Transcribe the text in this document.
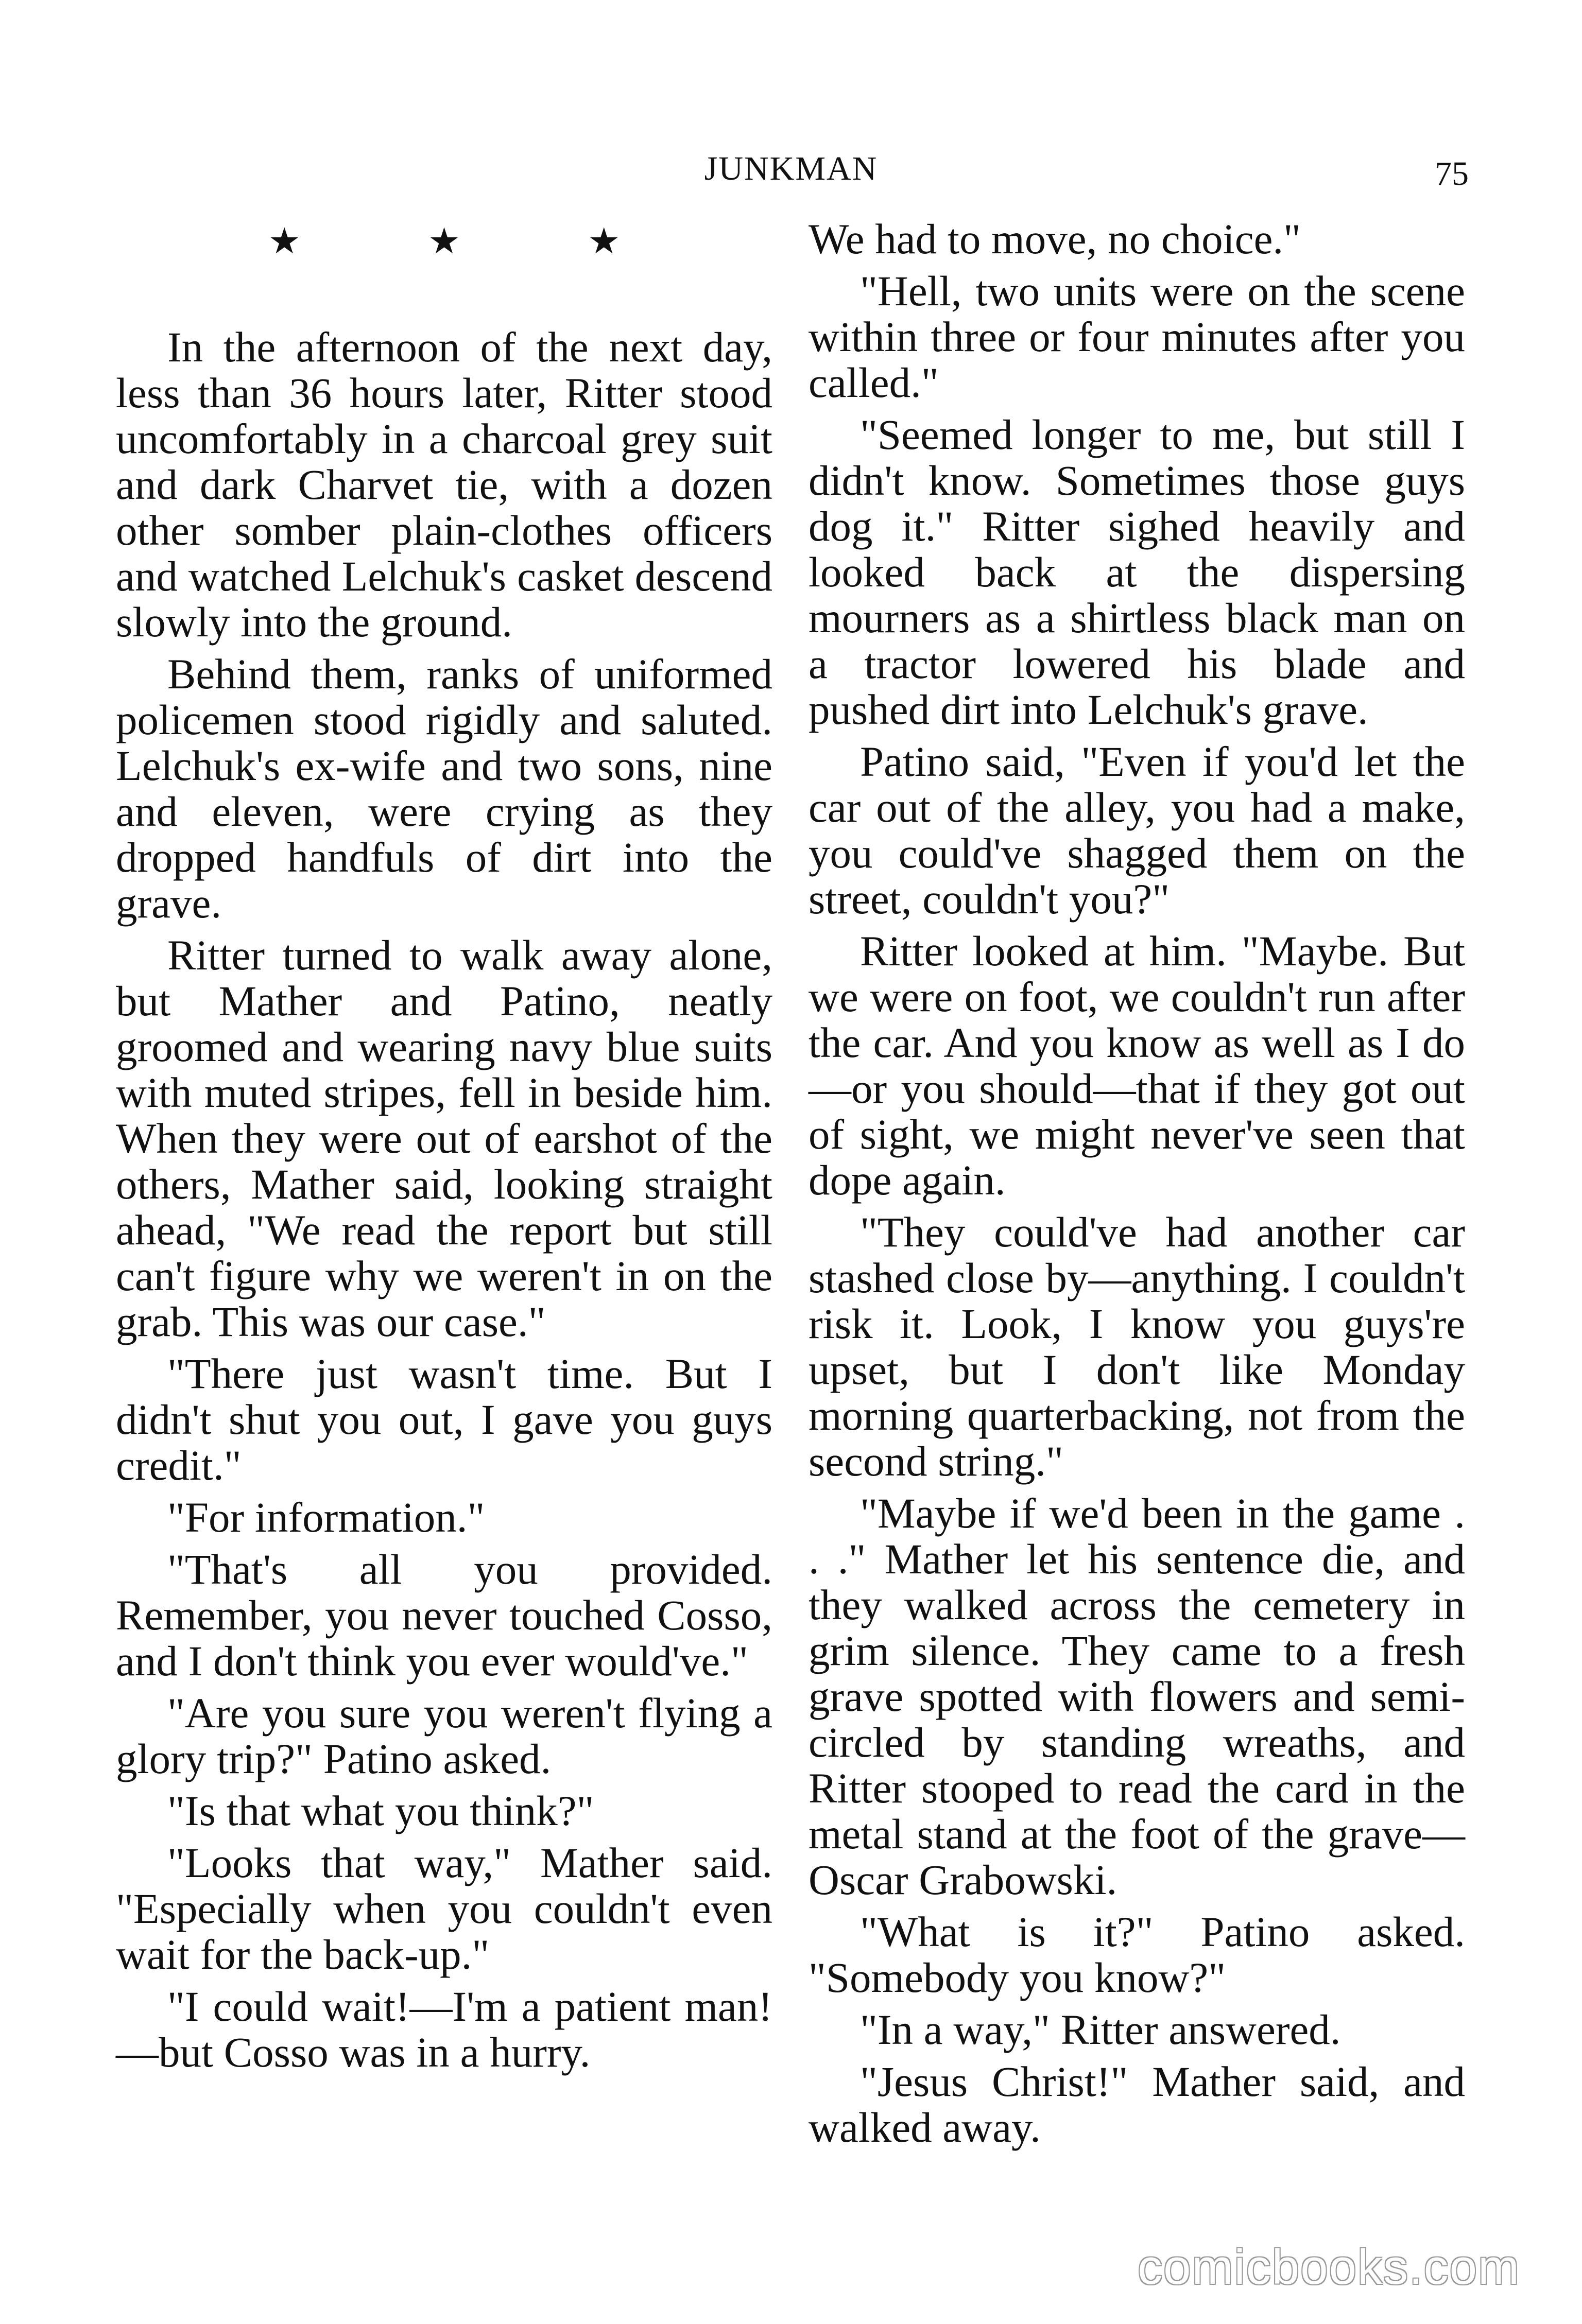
JUNKMAN	75
★ ★ ★

In the afternoon of the next day, less than 36 hours later, Ritter stood uncomfortably in a charcoal grey suit and dark Charvet tie, with a dozen other somber plain-clothes officers and watched Lelchuk's casket descend slowly into the ground.

Behind them, ranks of uniformed policemen stood rigidly and saluted. Lelchuk's ex-wife and two sons, nine and eleven, were crying as they dropped handfuls of dirt into the grave.

Ritter turned to walk away alone, but Mather and Patino, neatly groomed and wearing navy blue suits with muted stripes, fell in beside him. When they were out of earshot of the others, Mather said, looking straight ahead, "We read the report but still can't figure why we weren't in on the grab. This was our case."

"There just wasn't time. But I didn't shut you out, I gave you guys credit."

"For information."

"That's all you provided. Remember, you never touched Cosso, and I don't think you ever would've."

"Are you sure you weren't flying a glory trip?" Patino asked.

"Is that what you think?"

"Looks that way," Mather said. "Especially when you couldn't even wait for the back-up."

"I could wait!—I'm a patient man!—but Cosso was in a hurry.

We had to move, no choice."

"Hell, two units were on the scene within three or four minutes after you called."

"Seemed longer to me, but still I didn't know. Sometimes those guys dog it." Ritter sighed heavily and looked back at the dispersing mourners as a shirtless black man on a tractor lowered his blade and pushed dirt into Lelchuk's grave.

Patino said, "Even if you'd let the car out of the alley, you had a make, you could've shagged them on the street, couldn't you?"

Ritter looked at him. "Maybe. But we were on foot, we couldn't run after the car. And you know as well as I do—or you should—that if they got out of sight, we might never've seen that dope again.

"They could've had another car stashed close by—anything. I couldn't risk it. Look, I know you guys're upset, but I don't like Monday morning quarterbacking, not from the second string."

"Maybe if we'd been in the game . . ." Mather let his sentence die, and they walked across the cemetery in grim silence. They came to a fresh grave spotted with flowers and semi-circled by standing wreaths, and Ritter stooped to read the card in the metal stand at the foot of the grave—Oscar Grabowski.

"What is it?" Patino asked. "Somebody you know?"

"In a way," Ritter answered.

"Jesus Christ!" Mather said, and walked away.

comicbooks.com
